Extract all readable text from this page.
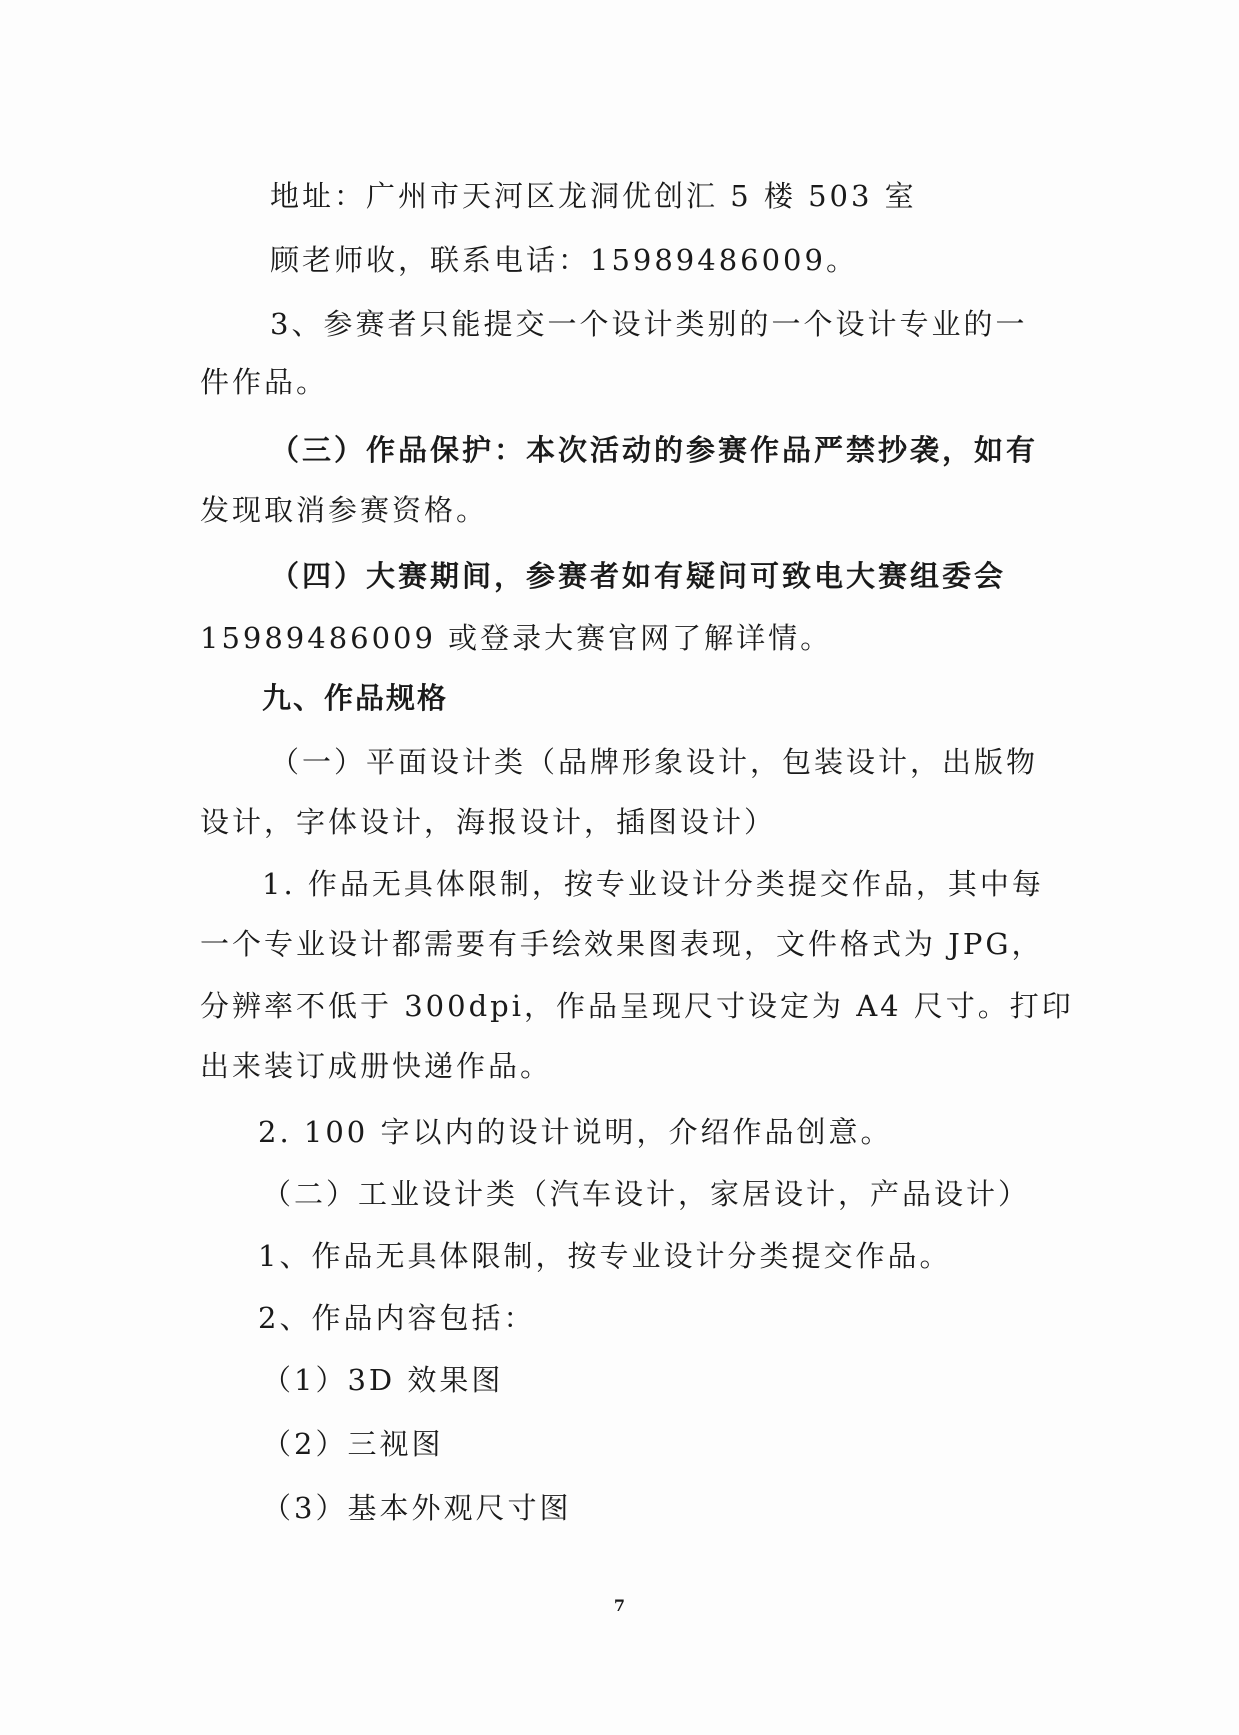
地址：广州市天河区龙洞优创汇 5 楼 503 室
顾老师收，联系电话：15989486009。
3、参赛者只能提交一个设计类别的一个设计专业的一
件作品。
（三）作品保护：本次活动的参赛作品严禁抄袭，如有
发现取消参赛资格。
（四）大赛期间，参赛者如有疑问可致电大赛组委会
15989486009 或登录大赛官网了解详情。
九、作品规格
（一）平面设计类（品牌形象设计，包装设计，出版物
设计，字体设计，海报设计，插图设计）
1. 作品无具体限制，按专业设计分类提交作品，其中每
一个专业设计都需要有手绘效果图表现，文件格式为 JPG，
分辨率不低于 300dpi，作品呈现尺寸设定为 A4 尺寸。打印
出来装订成册快递作品。
2. 100 字以内的设计说明，介绍作品创意。
（二）工业设计类（汽车设计，家居设计，产品设计）
1、作品无具体限制，按专业设计分类提交作品。
2、作品内容包括：
（1）3D 效果图
（2）三视图
（3）基本外观尺寸图
7
